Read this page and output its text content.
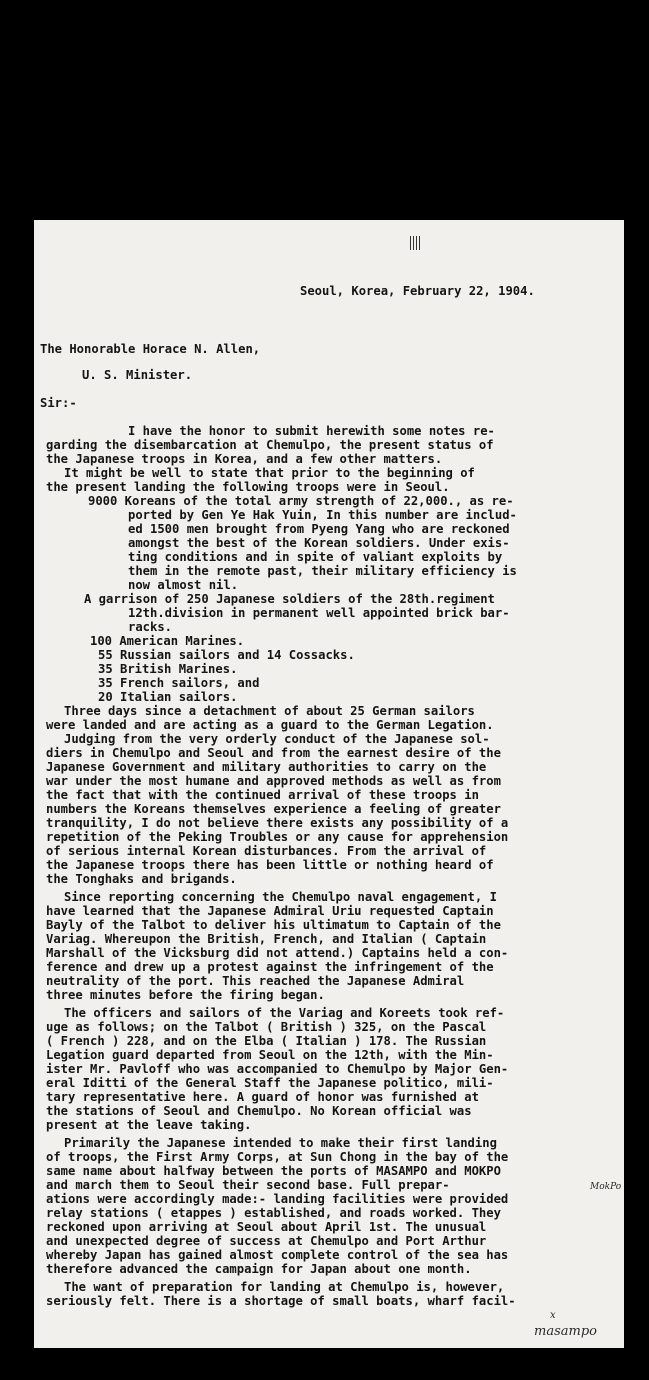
Seoul, Korea, February 22, 1904.
The Honorable Horace N. Allen,
U. S. Minister.
Sir:-
I have the honor to submit herewith some notes re-
garding the disembarcation at Chemulpo, the present status of
the Japanese troops in Korea, and a few other matters.
It might be well to state that prior to the beginning of
the present landing the following troops were in Seoul.
9000 Koreans of the total army strength of 22,000., as re-
ported by Gen Ye Hak Yuin, In this number are includ-
ed 1500 men brought from Pyeng Yang who are reckoned
amongst the best of the Korean soldiers. Under exis-
ting conditions and in spite of valiant exploits by
them in the remote past, their military efficiency is
now almost nil.
A garrison of 250 Japanese soldiers of the 28th.regiment
12th.division in permanent well appointed brick bar-
racks.
100 American Marines.
55 Russian sailors and 14 Cossacks.
35 British Marines.
35 French sailors, and
20 Italian sailors.
Three days since a detachment of about 25 German sailors
were landed and are acting as a guard to the German Legation.
Judging from the very orderly conduct of the Japanese sol-
diers in Chemulpo and Seoul and from the earnest desire of the
Japanese Government and military authorities to carry on the
war under the most humane and approved methods as well as from
the fact that with the continued arrival of these troops in
numbers the Koreans themselves experience a feeling of greater
tranquility, I do not believe there exists any possibility of a
repetition of the Peking Troubles or any cause for apprehension
of serious internal Korean disturbances. From the arrival of
the Japanese troops there has been little or nothing heard of
the Tonghaks and brigands.
Since reporting concerning the Chemulpo naval engagement, I
have learned that the Japanese Admiral Uriu requested Captain
Bayly of the Talbot to deliver his ultimatum to Captain of the
Variag. Whereupon the British, French, and Italian ( Captain
Marshall of the Vicksburg did not attend.) Captains held a con-
ference and drew up a protest against the infringement of the
neutrality of the port. This reached the Japanese Admiral
three minutes before the firing began.
The officers and sailors of the Variag and Koreets took ref-
uge as follows; on the Talbot ( British ) 325, on the Pascal
( French ) 228, and on the Elba ( Italian ) 178. The Russian
Legation guard departed from Seoul on the 12th, with the Min-
ister Mr. Pavloff who was accompanied to Chemulpo by Major Gen-
eral Iditti of the General Staff the Japanese politico, mili-
tary representative here. A guard of honor was furnished at
the stations of Seoul and Chemulpo. No Korean official was
present at the leave taking.
Primarily the Japanese intended to make their first landing
of troops, the First Army Corps, at Sun Chong in the bay of the
same name about halfway between the ports of MASAMPO and MOKPO
and march them to Seoul their second base. Full prepar-
ations were accordingly made:- landing facilities were provided
relay stations ( etappes ) established, and roads worked. They
reckoned upon arriving at Seoul about April 1st. The unusual
and unexpected degree of success at Chemulpo and Port Arthur
whereby Japan has gained almost complete control of the sea has
therefore advanced the campaign for Japan about one month.
The want of preparation for landing at Chemulpo is, however,
seriously felt. There is a shortage of small boats, wharf facil-
MokPo
x
masampo
